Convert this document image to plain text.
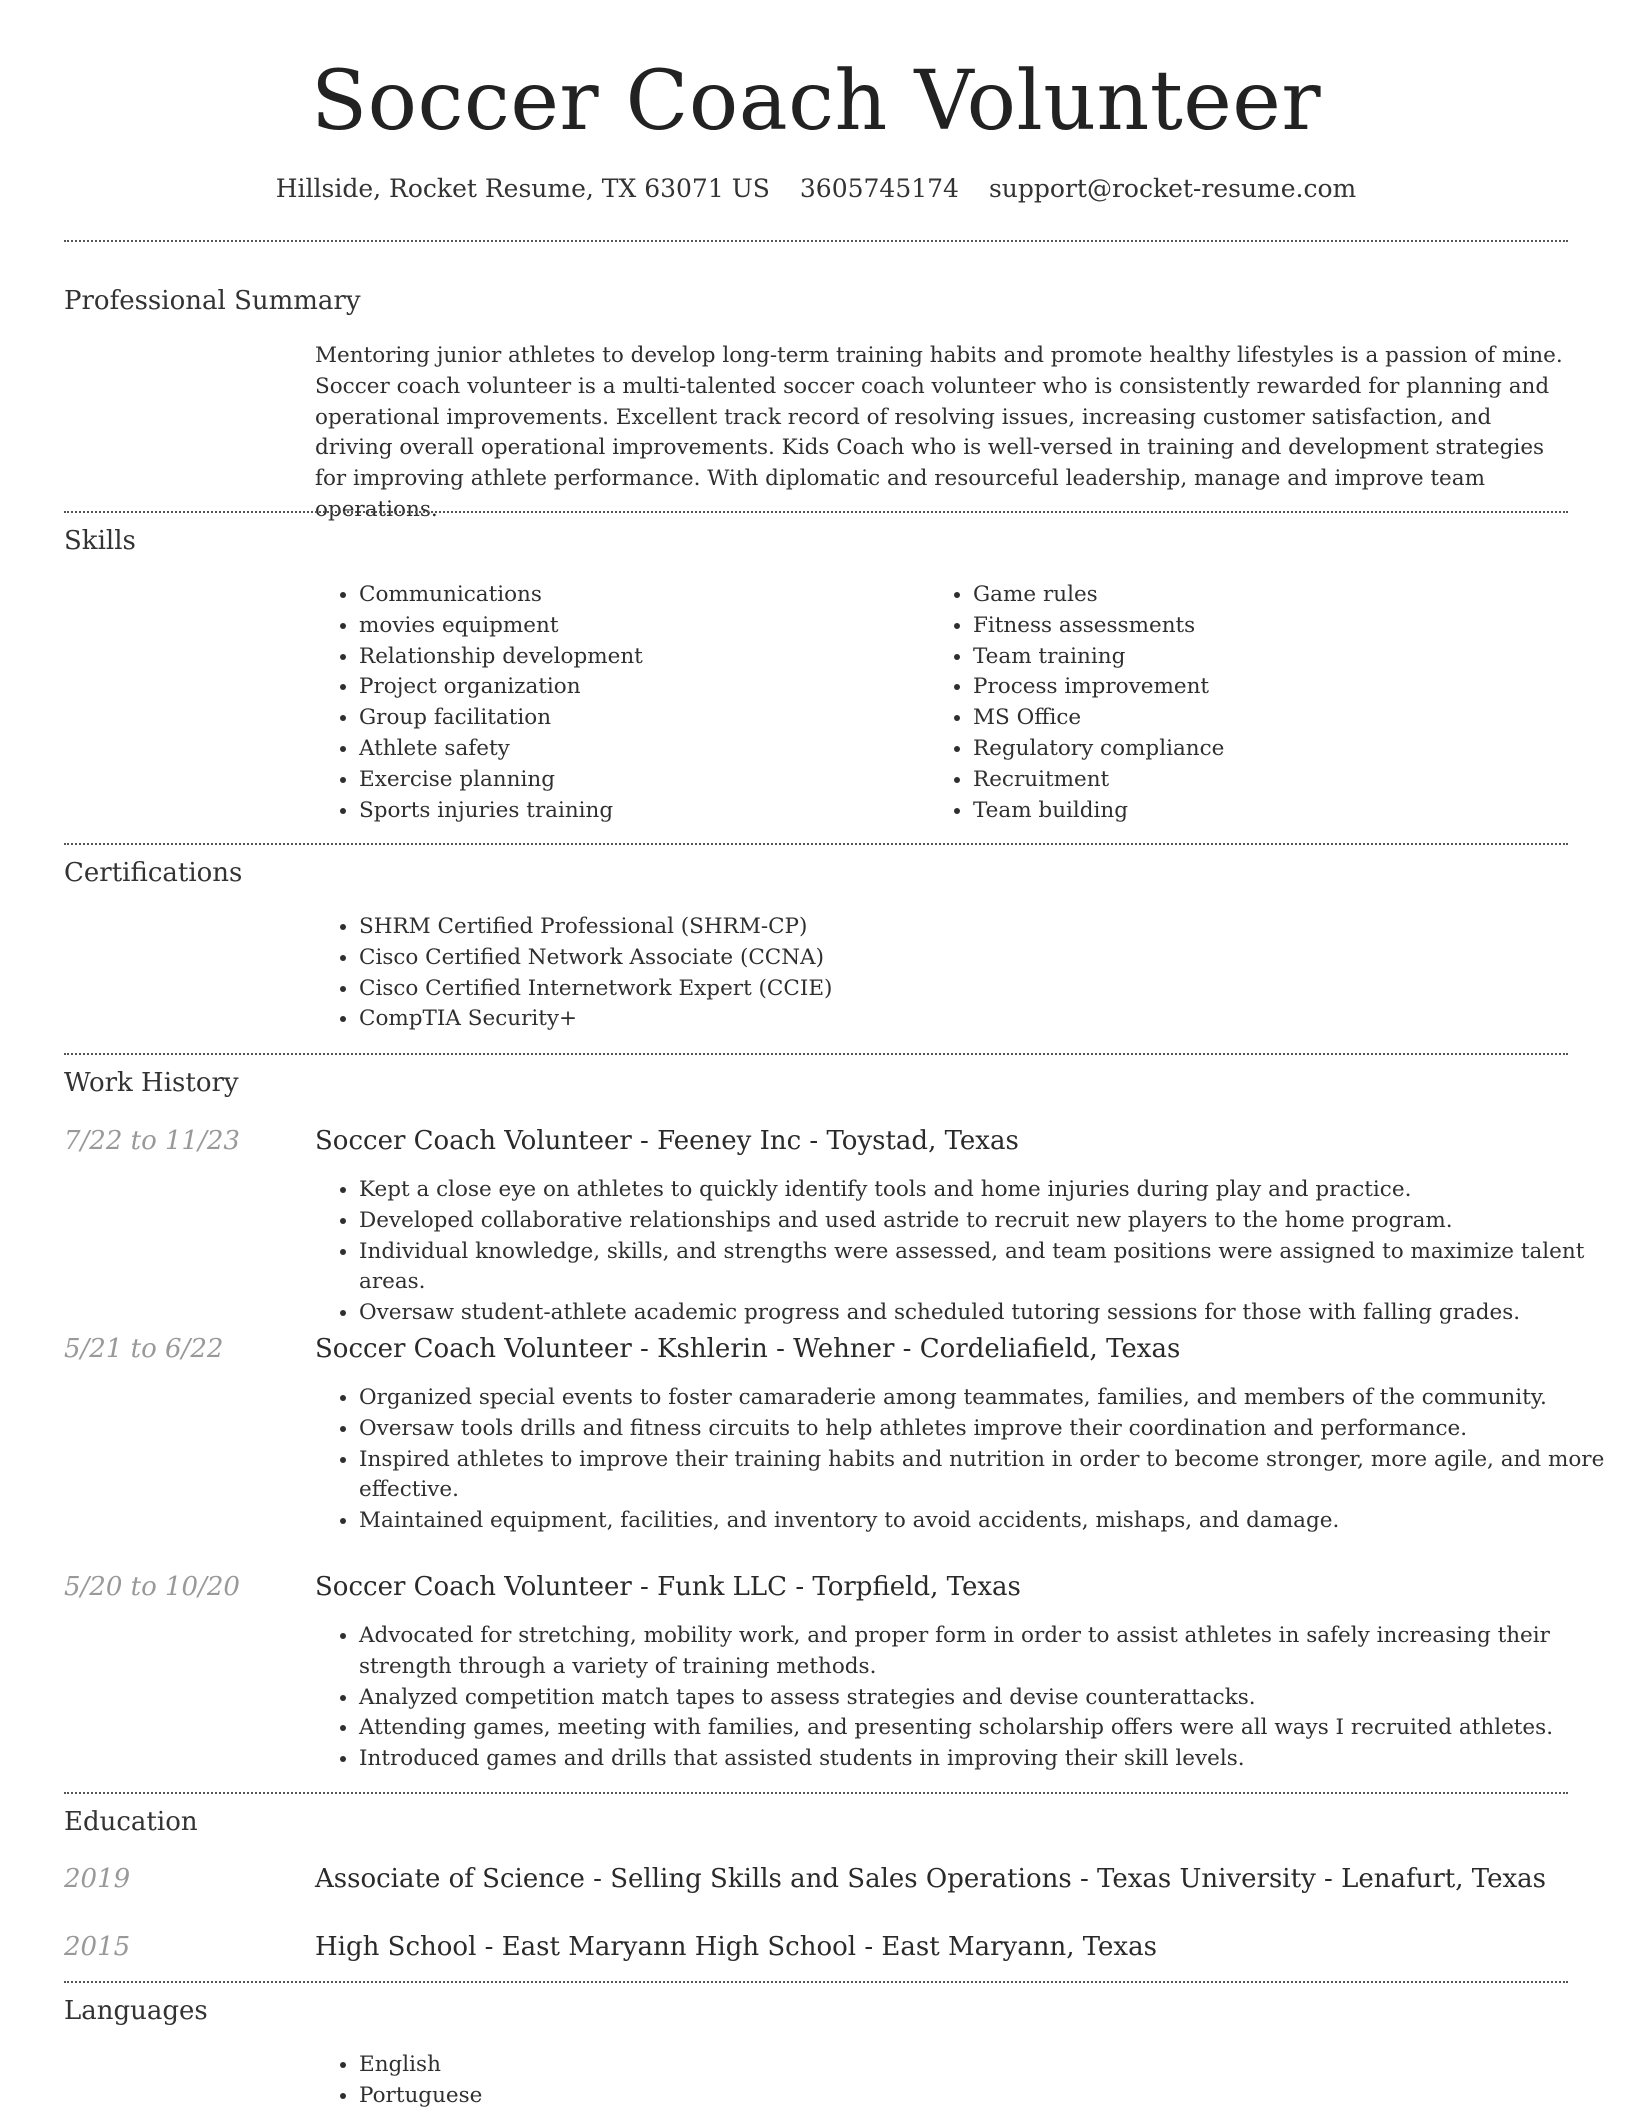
Soccer Coach Volunteer
Hillside, Rocket Resume, TX 63071 US 3605745174 support@rocket-resume.com
Professional Summary
Mentoring junior athletes to develop long-term training habits and promote healthy lifestyles is a passion of mine. Soccer coach volunteer is a multi-talented soccer coach volunteer who is consistently rewarded for planning and operational improvements. Excellent track record of resolving issues, increasing customer satisfaction, and driving overall operational improvements. Kids Coach who is well-versed in training and development strategies for improving athlete performance. With diplomatic and resourceful leadership, manage and improve team operations.
Skills
• Communications
• movies equipment
• Relationship development
• Project organization
• Group facilitation
• Athlete safety
• Exercise planning
• Sports injuries training
• Game rules
• Fitness assessments
• Team training
• Process improvement
• MS Office
• Regulatory compliance
• Recruitment
• Team building
Certifications
• SHRM Certified Professional (SHRM-CP)
• Cisco Certified Network Associate (CCNA)
• Cisco Certified Internetwork Expert (CCIE)
• CompTIA Security+
Work History
7/22 to 11/23	Soccer Coach Volunteer - Feeney Inc - Toystad, Texas
• Kept a close eye on athletes to quickly identify tools and home injuries during play and practice.
• Developed collaborative relationships and used astride to recruit new players to the home program.
• Individual knowledge, skills, and strengths were assessed, and team positions were assigned to maximize talent areas.
• Oversaw student-athlete academic progress and scheduled tutoring sessions for those with falling grades.
5/21 to 6/22	Soccer Coach Volunteer - Kshlerin - Wehner - Cordeliafield, Texas
• Organized special events to foster camaraderie among teammates, families, and members of the community.
• Oversaw tools drills and fitness circuits to help athletes improve their coordination and performance.
• Inspired athletes to improve their training habits and nutrition in order to become stronger, more agile, and more effective.
• Maintained equipment, facilities, and inventory to avoid accidents, mishaps, and damage.
5/20 to 10/20	Soccer Coach Volunteer - Funk LLC - Torpfield, Texas
• Advocated for stretching, mobility work, and proper form in order to assist athletes in safely increasing their strength through a variety of training methods.
• Analyzed competition match tapes to assess strategies and devise counterattacks.
• Attending games, meeting with families, and presenting scholarship offers were all ways I recruited athletes.
• Introduced games and drills that assisted students in improving their skill levels.
Education
2019	Associate of Science - Selling Skills and Sales Operations - Texas University - Lenafurt, Texas
2015	High School - East Maryann High School - East Maryann, Texas
Languages
• English
• Portuguese
